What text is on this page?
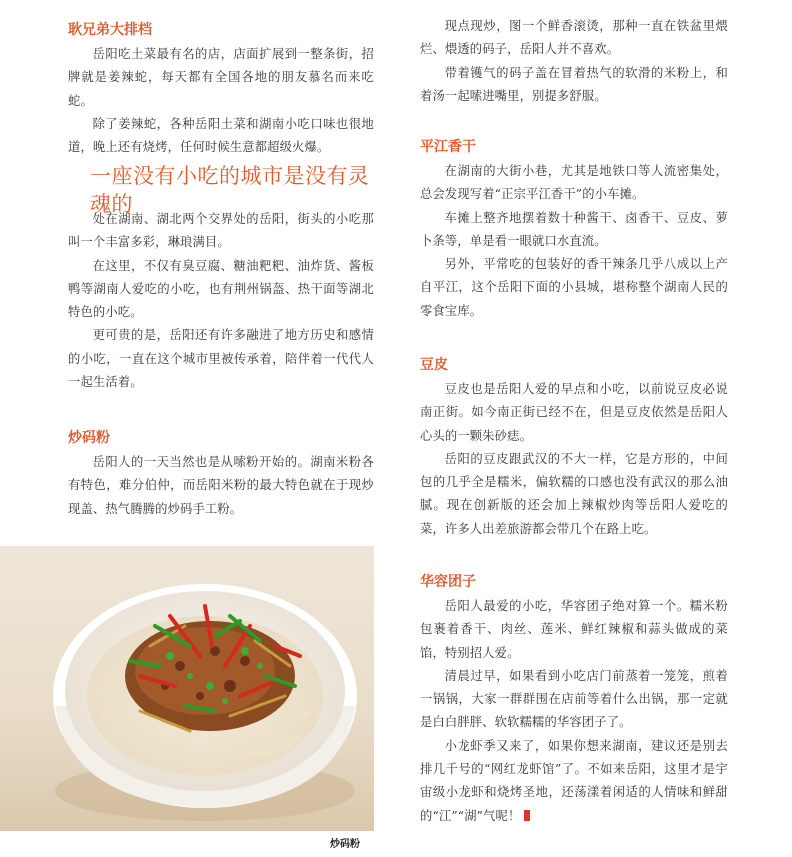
耿兄弟大排档

岳阳吃土菜最有名的店，店面扩展到一整条街，招牌就是姜辣蛇，每天都有全国各地的朋友慕名而来吃蛇。

除了姜辣蛇，各种岳阳土菜和湖南小吃口味也很地道，晚上还有烧烤，任何时候生意都超级火爆。

一座没有小吃的城市是没有灵魂的

处在湖南、湖北两个交界处的岳阳，街头的小吃那叫一个丰富多彩，琳琅满目。

在这里，不仅有臭豆腐、糖油粑粑、油炸货、酱板鸭等湖南人爱吃的小吃，也有荆州锅盔、热干面等湖北特色的小吃。

更可贵的是，岳阳还有许多融进了地方历史和感情的小吃，一直在这个城市里被传承着，陪伴着一代代人一起生活着。

炒码粉

岳阳人的一天当然也是从嗦粉开始的。湖南米粉各有特色，难分伯仲，而岳阳米粉的最大特色就在于现炒现盖、热气腾腾的炒码手工粉。

炒码粉

现点现炒，图一个鲜香滚烫，那种一直在铁盆里煨烂、煨透的码子，岳阳人并不喜欢。

带着镬气的码子盖在冒着热气的软滑的米粉上，和着汤一起嗦进嘴里，别提多舒服。

平江香干

在湖南的大街小巷，尤其是地铁口等人流密集处，总会发现写着“正宗平江香干”的小车摊。

车摊上整齐地摆着数十种酱干、卤香干、豆皮、萝卜条等，单是看一眼就口水直流。

另外，平常吃的包装好的香干辣条几乎八成以上产自平江，这个岳阳下面的小县城，堪称整个湖南人民的零食宝库。

豆皮

豆皮也是岳阳人爱的早点和小吃，以前说豆皮必说南正街。如今南正街已经不在，但是豆皮依然是岳阳人心头的一颗朱砂痣。

岳阳的豆皮跟武汉的不大一样，它是方形的，中间包的几乎全是糯米，偏软糯的口感也没有武汉的那么油腻。现在创新版的还会加上辣椒炒肉等岳阳人爱吃的菜，许多人出差旅游都会带几个在路上吃。

华容团子

岳阳人最爱的小吃，华容团子绝对算一个。糯米粉包裹着香干、肉丝、莲米、鲜红辣椒和蒜头做成的菜馅，特别招人爱。

清晨过早，如果看到小吃店门前蒸着一笼笼，煎着一锅锅，大家一群群围在店前等着什么出锅，那一定就是白白胖胖、软软糯糯的华容团子了。

小龙虾季又来了，如果你想来湖南，建议还是别去排几千号的“网红龙虾馆”了。不如来岳阳，这里才是宇宙级小龙虾和烧烤圣地，还荡漾着闲适的人情味和鲜甜的“江”“湖”气呢！
